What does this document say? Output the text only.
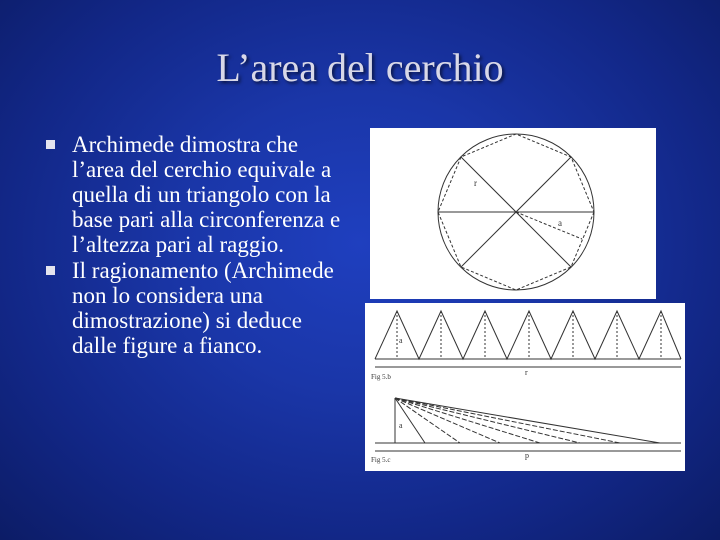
L’area del cerchio
Archimede dimostra che l’area del cerchio equivale a quella di un triangolo con la base pari alla circonferenza e l’altezza pari al raggio.
Il ragionamento (Archimede non lo considera una dimostrazione) si deduce dalle figure a fianco.
r
a
Fig 5.b
a
r
Fig 5.c
a
p
